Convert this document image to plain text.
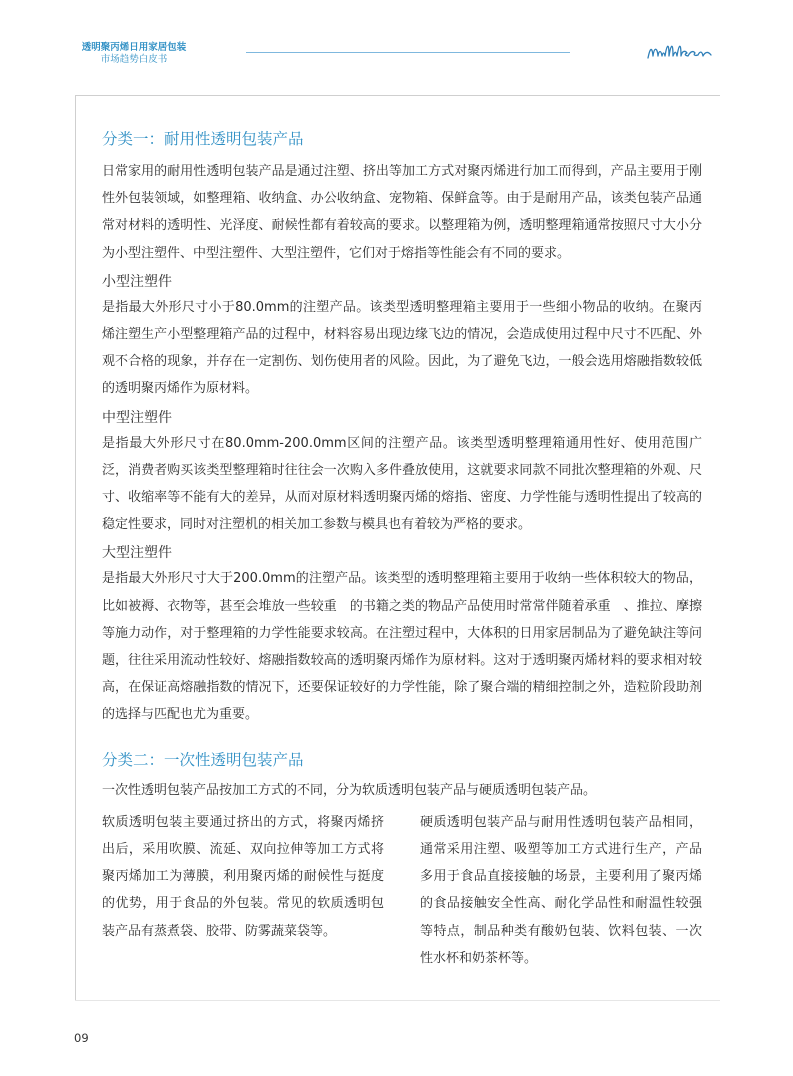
透明聚丙烯日用家居包装
市场趋势白皮书
分类一：耐用性透明包装产品

日常家用的耐用性透明包装产品是通过注塑、挤出等加工方式对聚丙烯进行加工而得到，产品主要用于刚性外包装领域，如整理箱、收纳盒、办公收纳盒、宠物箱、保鲜盒等。由于是耐用产品，该类包装产品通常对材料的透明性、光泽度、耐候性都有着较高的要求。以整理箱为例，透明整理箱通常按照尺寸大小分为小型注塑件、中型注塑件、大型注塑件，它们对于熔指等性能会有不同的要求。

小型注塑件

是指最大外形尺寸小于80.0mm的注塑产品。该类型透明整理箱主要用于一些细小物品的收纳。在聚丙烯注塑生产小型整理箱产品的过程中，材料容易出现边缘飞边的情况，会造成使用过程中尺寸不匹配、外观不合格的现象，并存在一定割伤、划伤使用者的风险。因此，为了避免飞边，一般会选用熔融指数较低的透明聚丙烯作为原材料。

中型注塑件

是指最大外形尺寸在80.0mm-200.0mm区间的注塑产品。该类型透明整理箱通用性好、使用范围广泛，消费者购买该类型整理箱时往往会一次购入多件叠放使用，这就要求同款不同批次整理箱的外观、尺寸、收缩率等不能有大的差异，从而对原材料透明聚丙烯的熔指、密度、力学性能与透明性提出了较高的稳定性要求，同时对注塑机的相关加工参数与模具也有着较为严格的要求。

大型注塑件

是指最大外形尺寸大于200.0mm的注塑产品。该类型的透明整理箱主要用于收纳一些体积较大的物品，比如被褥、衣物等，甚至会堆放一些较重　的书籍之类的物品产品使用时常常伴随着承重　、推拉、摩擦等施力动作，对于整理箱的力学性能要求较高。在注塑过程中，大体积的日用家居制品为了避免缺注等问题，往往采用流动性较好、熔融指数较高的透明聚丙烯作为原材料。这对于透明聚丙烯材料的要求相对较高，在保证高熔融指数的情况下，还要保证较好的力学性能，除了聚合端的精细控制之外，造粒阶段助剂的选择与匹配也尤为重要。

分类二：一次性透明包装产品

一次性透明包装产品按加工方式的不同，分为软质透明包装产品与硬质透明包装产品。

软质透明包装主要通过挤出的方式，将聚丙烯挤出后，采用吹膜、流延、双向拉伸等加工方式将聚丙烯加工为薄膜，利用聚丙烯的耐候性与挺度的优势，用于食品的外包装。常见的软质透明包装产品有蒸煮袋、胶带、防雾蔬菜袋等。

硬质透明包装产品与耐用性透明包装产品相同，通常采用注塑、吸塑等加工方式进行生产，产品多用于食品直接接触的场景，主要利用了聚丙烯的食品接触安全性高、耐化学品性和耐温性较强等特点，制品种类有酸奶包装、饮料包装、一次性水杯和奶茶杯等。

09
